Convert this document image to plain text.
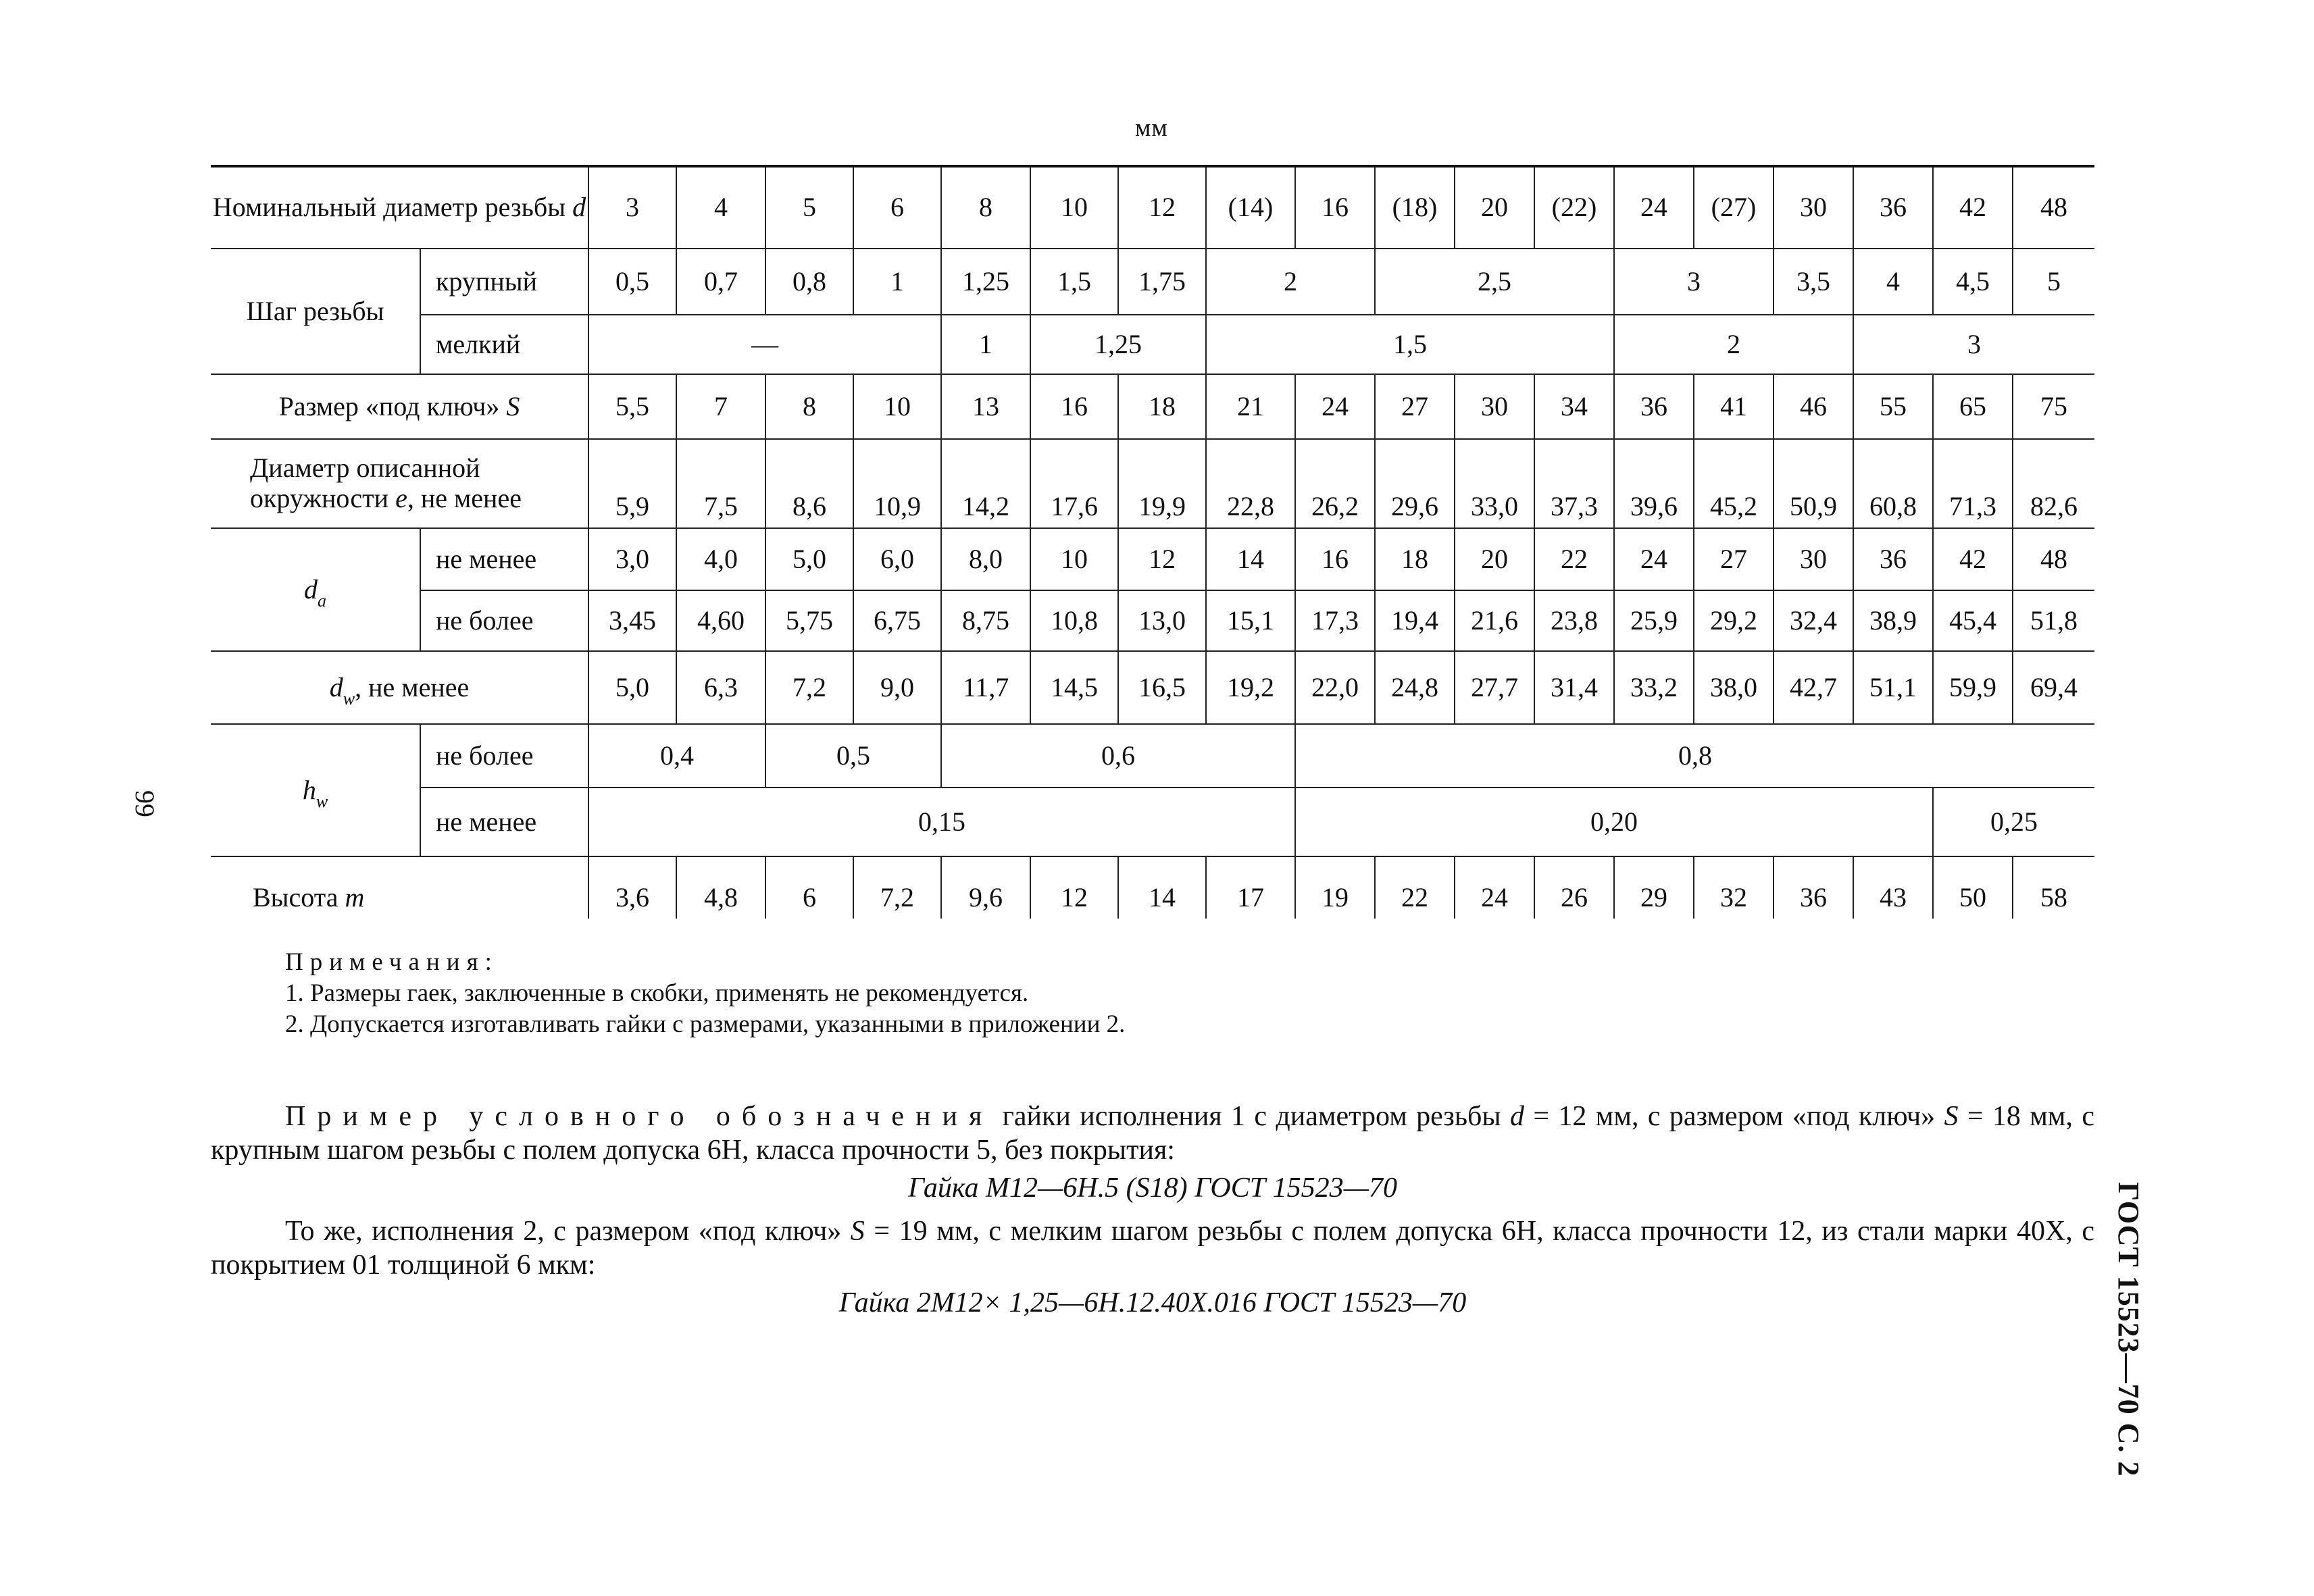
мм
Номинальный диаметр резьбы d		3	4	5	6	8	10	12	(14)	16	(18)	20	(22)	24	(27)	30	36	42	48
Шаг резьбы	крупный	0,5	0,7	0,8	1	1,25	1,5	1,75	2		2,5			3		3,5	4	4,5	5
	мелкий	—				1	1,25		1,5					2			3		
Размер «под ключ» S		5,5	7	8	10	13	16	18	21	24	27	30	34	36	41	46	55	65	75
Диаметр описанной окружности e, не менее		5,9	7,5	8,6	10,9	14,2	17,6	19,9	22,8	26,2	29,6	33,0	37,3	39,6	45,2	50,9	60,8	71,3	82,6
$d_a$	не менее	3,0	4,0	5,0	6,0	8,0	10	12	14	16	18	20	22	24	27	30	36	42	48
	не более	3,45	4,60	5,75	6,75	8,75	10,8	13,0	15,1	17,3	19,4	21,6	23,8	25,9	29,2	32,4	38,9	45,4	51,8
$d_w$, не менее		5,0	6,3	7,2	9,0	11,7	14,5	16,5	19,2	22,0	24,8	27,7	31,4	33,2	38,0	42,7	51,1	59,9	69,4
$h_w$	не более	0,4		0,5		0,6				0,8									
	не менее	0,15								0,20								0,25	
Высота m		3,6	4,8	6	7,2	9,6	12	14	17	19	22	24	26	29	32	36	43	50	58
99
ГОСТ 15523—70 С. 2
Примечания:
1. Размеры гаек, заключенные в скобки, применять не рекомендуется.
2. Допускается изготавливать гайки с размерами, указанными в приложении 2.

Пример условного обозначения гайки исполнения 1 с диаметром резьбы d = 12 мм, с размером «под ключ» S = 18 мм, с крупным шагом резьбы с полем допуска 6Н, класса прочности 5, без покрытия:

Гайка М12—6Н.5 (S18) ГОСТ 15523—70

То же, исполнения 2, с размером «под ключ» S = 19 мм, с мелким шагом резьбы с полем допуска 6Н, класса прочности 12, из стали марки 40Х, с покрытием 01 толщиной 6 мкм:

Гайка 2М12× 1,25—6Н.12.40Х.016 ГОСТ 15523—70
